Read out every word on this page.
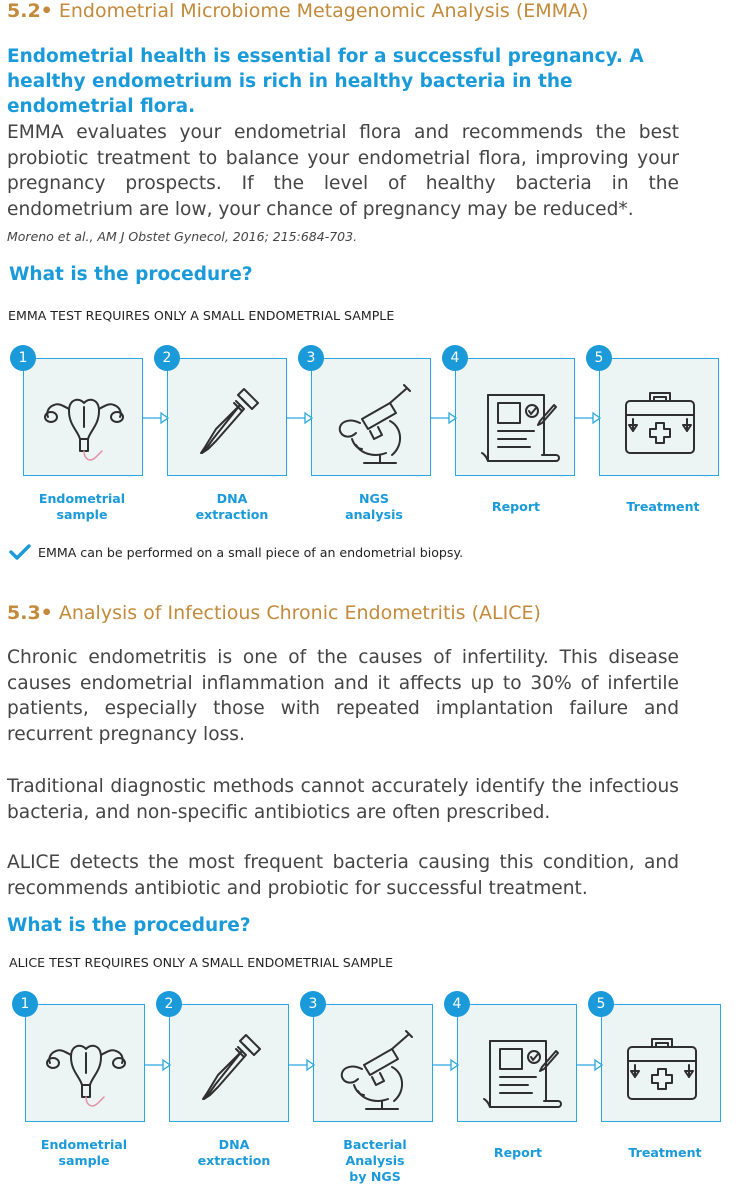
5.2• Endometrial Microbiome Metagenomic Analysis (EMMA)
Endometrial health is essential for a successful pregnancy. A healthy endometrium is rich in healthy bacteria in the endometrial flora.
EMMA evaluates your endometrial flora and recommends the best probiotic treatment to balance your endometrial flora, improving your pregnancy prospects. If the level of healthy bacteria in the endometrium are low, your chance of pregnancy may be reduced*.
Moreno et al., AM J Obstet Gynecol, 2016; 215:684-703.
What is the procedure?
EMMA TEST REQUIRES ONLY A SMALL ENDOMETRIAL SAMPLE
1	2	3	4	5
Endometrial
sample
DNA
extraction
NGS
analysis
Report	Treatment
EMMA can be performed on a small piece of an endometrial biopsy.
5.3• Analysis of Infectious Chronic Endometritis (ALICE)
Chronic endometritis is one of the causes of infertility. This disease causes endometrial inflammation and it affects up to 30% of infertile patients, especially those with repeated implantation failure and recurrent pregnancy loss.
Traditional diagnostic methods cannot accurately identify the infectious bacteria, and non-specific antibiotics are often prescribed.
ALICE detects the most frequent bacteria causing this condition, and recommends antibiotic and probiotic for successful treatment.
What is the procedure?
ALICE TEST REQUIRES ONLY A SMALL ENDOMETRIAL SAMPLE
1	2	3	4	5
Endometrial
sample
DNA
extraction
Bacterial
Analysis
by NGS
Report	Treatment
